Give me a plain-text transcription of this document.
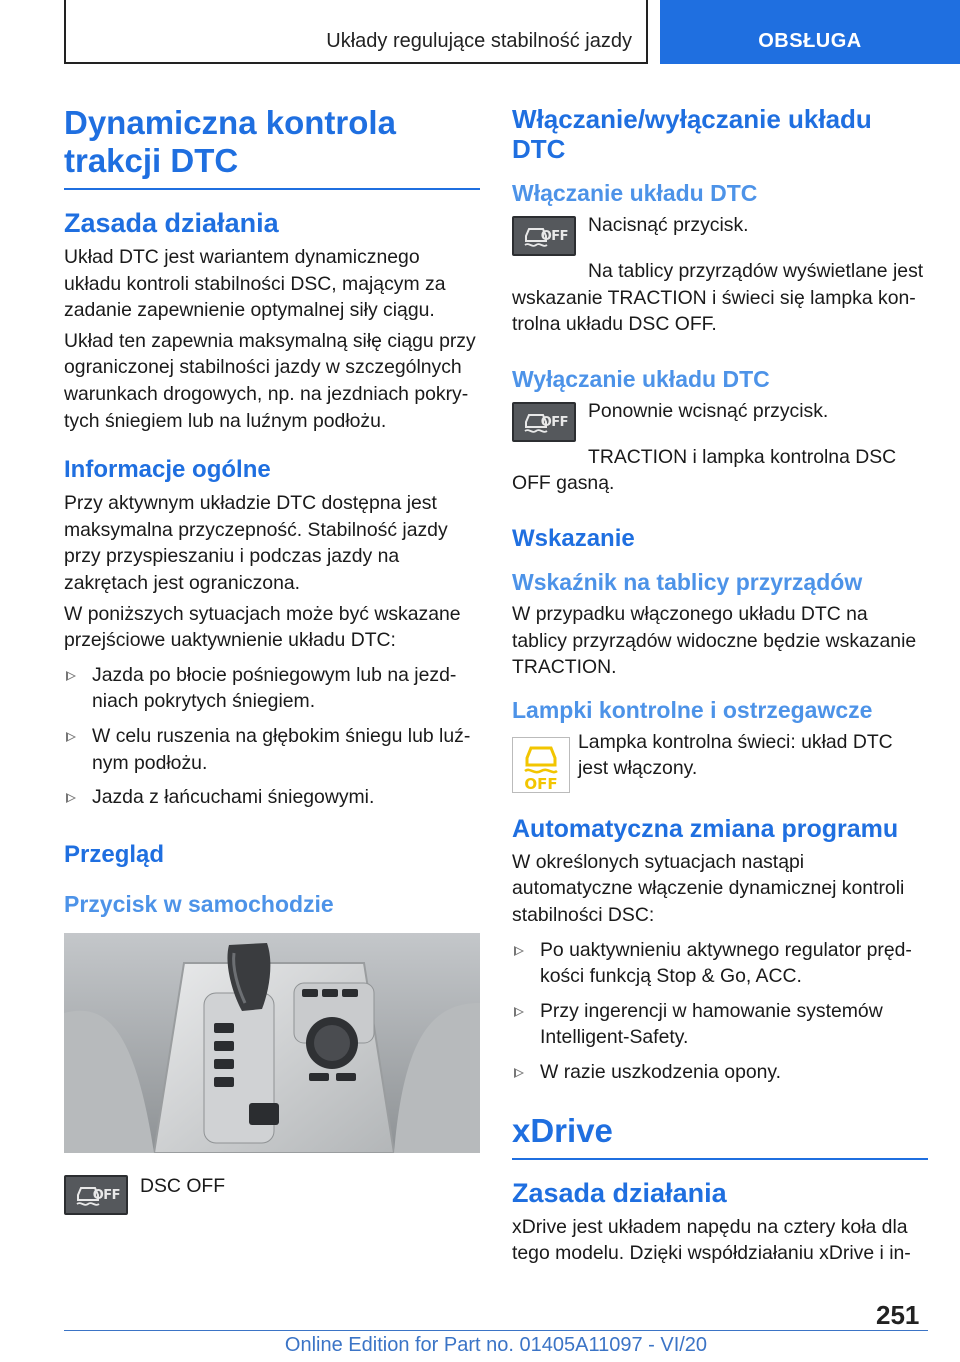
Układy regulujące stabilność jazdy	OBSŁUGA
Dynamiczna kontrola trakcji DTC
Zasada działania

Układ DTC jest wariantem dynamicznego układu kontroli stabilności DSC, mającym za zadanie zapewnienie optymalnej siły ciągu.

Układ ten zapewnia maksymalną siłę ciągu przy ograniczonej stabilności jazdy w szczególnych warunkach drogowych, np. na jezdniach pokrytych śniegiem lub na luźnym podłożu.

Informacje ogólne

Przy aktywnym układzie DTC dostępna jest maksymalna przyczepność. Stabilność jazdy przy przyspieszaniu i podczas jazdy na zakrętach jest ograniczona.

W poniższych sytuacjach może być wskazane przejściowe uaktywnienie układu DTC:

Jazda po błocie pośniegowym lub na jezdniach pokrytych śniegiem.
W celu ruszenia na głębokim śniegu lub luźnym podłożu.
Jazda z łańcuchami śniegowymi.
Przegląd
Przycisk w samochodzie
OFF DSC OFF

Włączanie/wyłączanie układu DTC
Włączanie układu DTC
OFF

Nacisnąć przycisk.

Na tablicy przyrządów wyświetlane jest wskazanie TRACTION i świeci się lampka kontrolna układu DSC OFF.

Wyłączanie układu DTC
OFF

Ponownie wcisnąć przycisk.

TRACTION i lampka kontrolna DSC OFF gasną.

Wskazanie
Wskaźnik na tablicy przyrządów

W przypadku włączonego układu DTC na tablicy przyrządów widoczne będzie wskazanie TRACTION.

Lampki kontrolne i ostrzegawcze
OFF

Lampka kontrolna świeci: układ DTC jest włączony.

Automatyczna zmiana programu

W określonych sytuacjach nastąpi automatyczne włączenie dynamicznej kontroli stabilności DSC:

Po uaktywnieniu aktywnego regulator prędkości funkcją Stop & Go, ACC.
Przy ingerencji w hamowanie systemów Intelligent-Safety.
W razie uszkodzenia opony.
xDrive
Zasada działania

xDrive jest układem napędu na cztery koła dla tego modelu. Dzięki współdziałaniu xDrive i in-

251
Online Edition for Part no. 01405A11097 - VI/20
